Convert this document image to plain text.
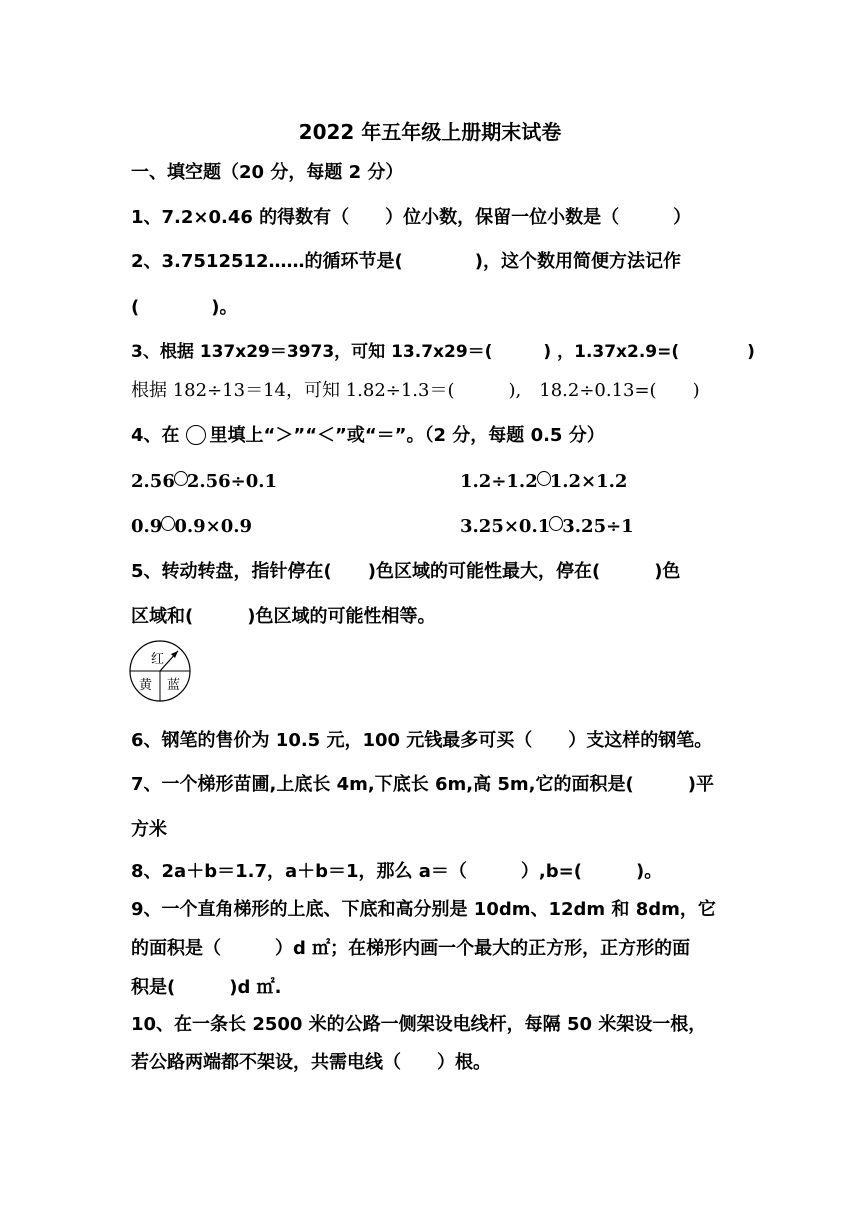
2022 年五年级上册期末试卷
一、填空题（20 分，每题 2 分）
1、7.2×0.46 的得数有（　　）位小数，保留一位小数是（　　　）
2、3.7512512……的循环节是(　　　　)，这个数用简便方法记作
(　　　　)。
3、根据 137x29＝3973，可知 13.7x29＝(　　　) ，1.37x2.9=(　　　　)
根据 182÷13＝14，可知 1.82÷1.3＝(　　　),　18.2÷0.13=(　　)
4、在 里填上“＞”“＜”或“＝”。（2 分，每题 0.5 分）
2.56 2.56÷0.1	1.2÷1.2 1.2×1.2
0.9 0.9×0.9	3.25×0.1 3.25÷1
5、转动转盘，指针停在(　　)色区域的可能性最大，停在(　　　)色
区域和(　　　)色区域的可能性相等。
红
黄 蓝
6、钢笔的售价为 10.5 元，100 元钱最多可买（　　）支这样的钢笔。
7、一个梯形苗圃,上底长 4m,下底长 6m,高 5m,它的面积是(　　　)平
方米
8、2a＋b＝1.7，a＋b＝1，那么 a＝（　　　）,b=(　　　)。
9、一个直角梯形的上底、下底和高分别是 10dm、12dm 和 8dm，它
的面积是（　　　）d ㎡；在梯形内画一个最大的正方形，正方形的面
积是(　　　)d ㎡.
10、在一条长 2500 米的公路一侧架设电线杆，每隔 50 米架设一根，
若公路两端都不架设，共需电线（　　）根。
